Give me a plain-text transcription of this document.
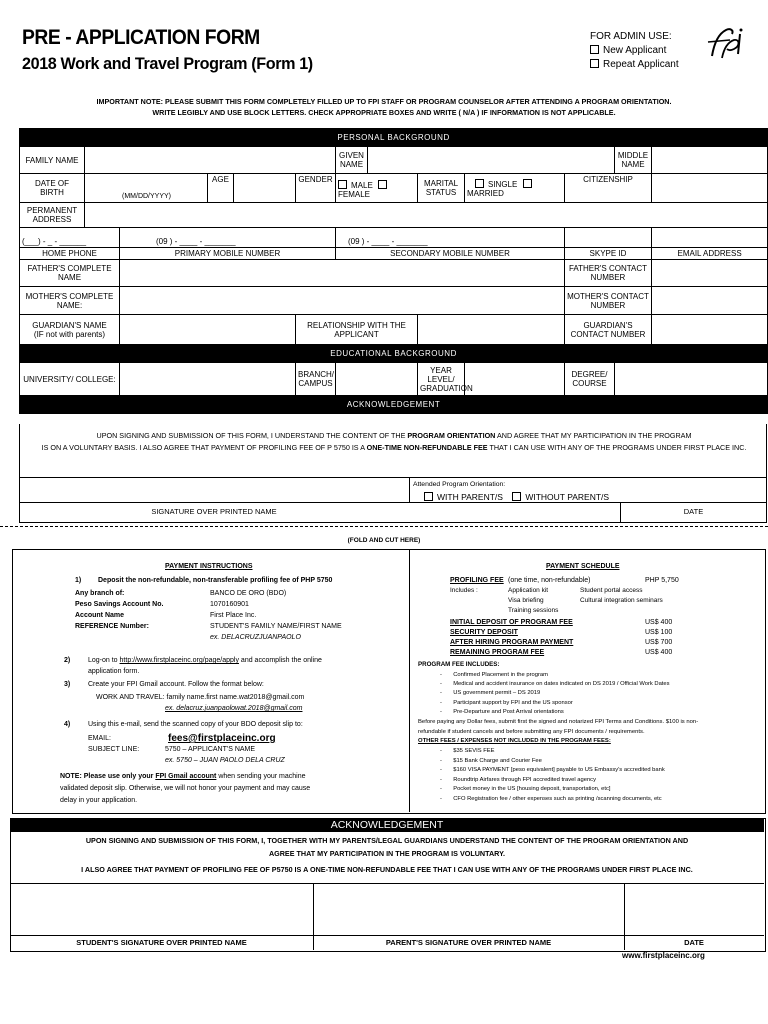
PRE - APPLICATION FORM
2018 Work and Travel Program (Form 1)
FOR ADMIN USE:
New Applicant
Repeat Applicant
IMPORTANT NOTE: PLEASE SUBMIT THIS FORM COMPLETELY FILLED UP TO FPI STAFF OR PROGRAM COUNSELOR AFTER ATTENDING A PROGRAM ORIENTATION.
WRITE LEGIBLY AND USE BLOCK LETTERS. CHECK APPROPRIATE BOXES AND WRITE ( N/A ) IF INFORMATION IS NOT APPLICABLE.
PERSONAL BACKGROUND												
FAMILY NAME						GIVEN NAME					MIDDLE NAME	
DATE OF BIRTH	(MM/DD/YYYY)		AGE		GENDER	MALE FEMALE		MARITAL STATUS	SINGLE MARRIED	CITIZENSHIP		
PERMANENT ADDRESS												
(___) - _ - ______		(09 ) - ____ - _______				(09 ) - ____ - _______						
HOME PHONE		PRIMARY MOBILE NUMBER				SECONDARY MOBILE NUMBER				SKYPE ID		EMAIL ADDRESS
FATHER'S COMPLETE NAME										FATHER'S CONTACT NUMBER		
MOTHER'S COMPLETE NAME:										MOTHER'S CONTACT NUMBER		

GUARDIAN'S NAME
(IF not with parents)					RELATIONSHIP WITH THE APPLICANT					GUARDIAN'S CONTACT NUMBER		
EDUCATIONAL BACKGROUND												
UNIVERSITY/ COLLEGE:					BRANCH/ CAMPUS			YEAR LEVEL/ GRADUATION		DEGREE/ COURSE		
ACKNOWLEDGEMENT												
UPON SIGNING AND SUBMISSION OF THIS FORM, I UNDERSTAND THE CONTENT OF THE PROGRAM ORIENTATION AND AGREE THAT MY PARTICIPATION IN THE PROGRAM
IS ON A VOLUNTARY BASIS. I ALSO AGREE THAT PAYMENT OF PROFILING FEE OF P 5750 IS A ONE-TIME NON-REFUNDABLE FEE THAT I CAN USE WITH ANY OF THE PROGRAMS UNDER FIRST PLACE INC.
Attended Program Orientation:
WITH PARENT/S	WITHOUT PARENT/S
SIGNATURE OVER PRINTED NAME	DATE
(FOLD AND CUT HERE)
PAYMENT INSTRUCTIONS
1) Deposit the non-refundable, non-transferable profiling fee of PHP 5750
Any branch of:	BANCO DE ORO (BDO)
Peso Savings Account No.	1070160901
Account Name	First Place Inc.
REFERENCE Number:	STUDENT'S FAMILY NAME/FIRST NAME
ex. DELACRUZJUANPAOLO
2)	Log-on to http://www.firstplaceinc.org/page/apply and accomplish the online
application form.
3)	Create your FPI Gmail account. Follow the format below:
WORK AND TRAVEL: family name.first name.wat2018@gmail.com
ex. delacruz.juanpaolowat.2018@gmail.com
4)	Using this e-mail, send the scanned copy of your BDO deposit slip to:
EMAIL:	fees@firstplaceinc.org
SUBJECT LINE:	5750 – APPLICANT'S NAME
ex. 5750 – JUAN PAOLO DELA CRUZ
NOTE: Please use only your FPI Gmail account when sending your machine
validated deposit slip. Otherwise, we will not honor your payment and may cause
delay in your application.
PAYMENT SCHEDULE
PROFILING FEE (one time, non-refundable)	PHP 5,750
Includes :	Application kit	Student portal access
Visa briefing	Cultural integration seminars
Training sessions
INITIAL DEPOSIT OF PROGRAM FEE	US$ 400
SECURITY DEPOSIT	US$ 100
AFTER HIRING PROGRAM PAYMENT	US$ 700
REMAINING PROGRAM FEE	US$ 400
PROGRAM FEE INCLUDES:
-       Confirmed Placement in the program
-       Medical and accident insurance on dates indicated on DS 2019 / Official Work Dates
-       US government permit – DS 2019
-       Participant support by FPI and the US sponsor
-       Pre-Departure and Post Arrival orientations
Before paying any Dollar fees, submit first the signed and notarized FPI Terms and Conditions. $100 is non-
refundable if student cancels and before submitting any FPI documents / requirements.
OTHER FEES / EXPENSES NOT INCLUDED IN THE PROGRAM FEES:
-       $35 SEVIS FEE
-       $15 Bank Charge and Courier Fee
-       $160 VISA PAYMENT [peso equivalent] payable to US Embassy's accredited bank
-       Roundtrip Airfares through FPI accredited travel agency
-       Pocket money in the US [housing deposit, transportation, etc]
-       CFO Registration fee / other expenses such as printing /scanning documents, etc
ACKNOWLEDGEMENT
UPON SIGNING AND SUBMISSION OF THIS FORM, I, TOGETHER WITH MY PARENTS/LEGAL GUARDIANS UNDERSTAND THE CONTENT OF THE PROGRAM ORIENTATION AND
AGREE THAT MY PARTICIPATION IN THE PROGRAM IS VOLUNTARY.
I ALSO AGREE THAT PAYMENT OF PROFILING FEE OF P5750 IS A ONE-TIME NON-REFUNDABLE FEE THAT I CAN USE WITH ANY OF THE PROGRAMS UNDER FIRST PLACE INC.
STUDENT'S SIGNATURE OVER PRINTED NAME	PARENT'S SIGNATURE OVER PRINTED NAME	DATE
www.firstplaceinc.org
